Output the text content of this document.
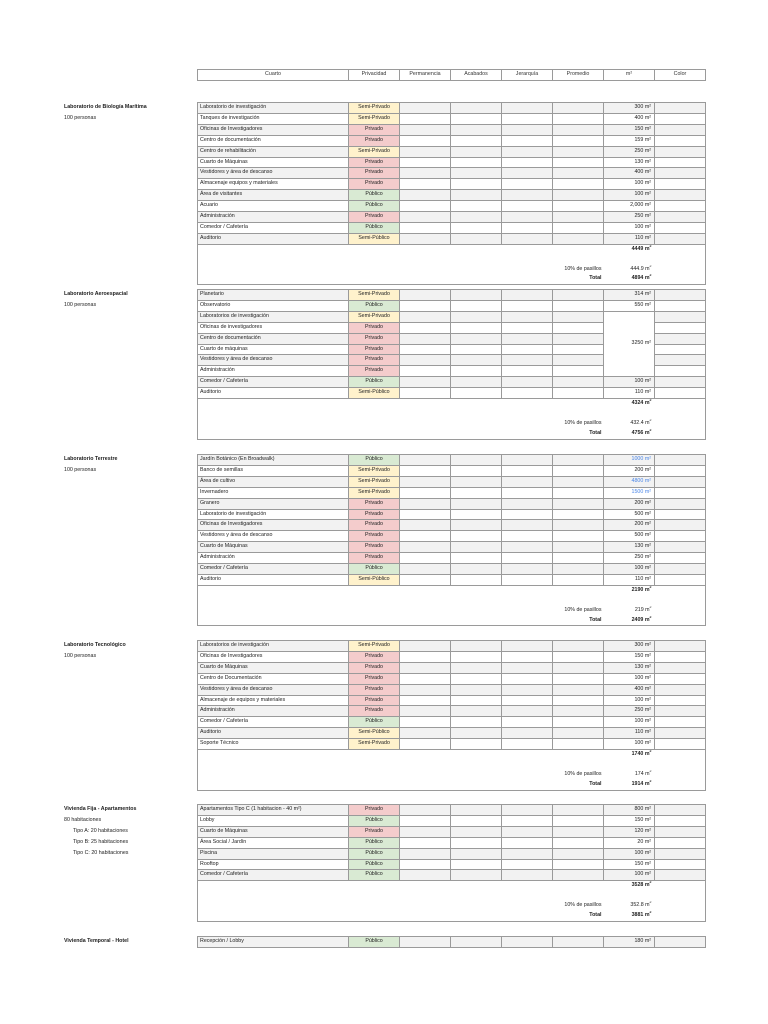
Cuarto	Privacidad	Permanencia	Acabados	Jerarquía	Promedio	m²	Color
Laboratorio de Biología Marítima
100 personas
Laboratorio de investigación	Semi-Privado					300 m²	
Tanques de investigación	Semi-Privado					400 m²	
Oficinas de Investigadores	Privado					150 m²	
Centro de documentación	Privado					159 m²	
Centro de rehabilitación	Semi-Privado					250 m²	
Cuarto de Máquinas	Privado					130 m²	
Vestidores y área de descanso	Privado					400 m²	
Almacenaje equipos y materiales	Privado					100 m²	
Área de visitantes	Público					100 m²	
Acuario	Público					2,000 m²	
Administración	Privado					250 m²	
Comedor / Cafetería	Público					100 m²	
Auditorio	Semi-Público					110 m²	
						4449 $m^2$	

					10% de pasillos	444.9 $m^2$	
					Total	4894 $m^2$	
Laboratorio Aeroespacial
100 personas
Planetario	Semi-Privado					314 m²	
Observatorio	Público					550 m²	
Laboratorios de investigación	Semi-Privado					3250 m²	
Oficinas de investigadores	Privado						
Centro de documentación	Privado						
Cuarto de máquinas	Privado						
Vestidores y área de descanso	Privado						
Administración	Privado						
Comedor / Cafetería	Público					100 m²	
Auditorio	Semi-Público					110 m²	
						4324 $m^2$	

					10% de pasillos	432.4 $m^2$	
					Total	4756 $m^2$	
Laboratorio Terrestre
100 personas
Jardín Botánico (En Broadwalk)	Público					1000 m²	
Banco de semillas	Semi-Privado					200 m²	
Área de cultivo	Semi-Privado					4800 m²	
Invernadero	Semi-Privado					1500 m²	
Granero	Privado					200 m²	
Laboratorio de investigación	Privado					500 m²	
Oficinas de Investigadores	Privado					200 m²	
Vestidores y área de descanso	Privado					500 m²	
Cuarto de Máquinas	Privado					130 m²	
Administración	Privado					250 m²	
Comedor / Cafetería	Público					100 m²	
Auditorio	Semi-Público					110 m²	
						2190 $m^2$	

					10% de pasillos	219 $m^2$	
					Total	2409 $m^2$	
Laboratorio Tecnológico
100 personas
Laboratorios de investigación	Semi-Privado					300 m²	
Oficinas de Investigadores	Privado					150 m²	
Cuarto de Máquinas	Privado					130 m²	
Centro de Documentación	Privado					100 m²	
Vestidores y área de descanso	Privado					400 m²	
Almacenaje de equipos y materiales	Privado					100 m²	
Administración	Privado					250 m²	
Comedor / Cafetería	Público					100 m²	
Auditorio	Semi-Público					110 m²	
Soporte Técnico	Semi-Privado					100 m²	
						1740 $m^2$	

					10% de pasillos	174 $m^2$	
					Total	1914 $m^2$	
Vivienda Fija - Apartamentos
80 habitaciones
Tipo A: 20 habitaciones
Tipo B: 25 habitaciones
Tipo C: 20 habitaciones
Apartamentos Tipo C (1 habitacion - 40 m²)	Privado					800 m²	
Lobby	Público					150 m²	
Cuarto de Máquinas	Privado					120 m²	
Área Social / Jardín	Público					20 m²	
Piscina	Público					100 m²	
Rooftop	Público					150 m²	
Comedor / Cafetería	Público					100 m²	
						3528 $m^2$	

					10% de pasillos	352.8 $m^2$	
					Total	3881 $m^2$	
Vivienda Temporal - Hotel	Recepción / Lobby	Público					180 m²	
